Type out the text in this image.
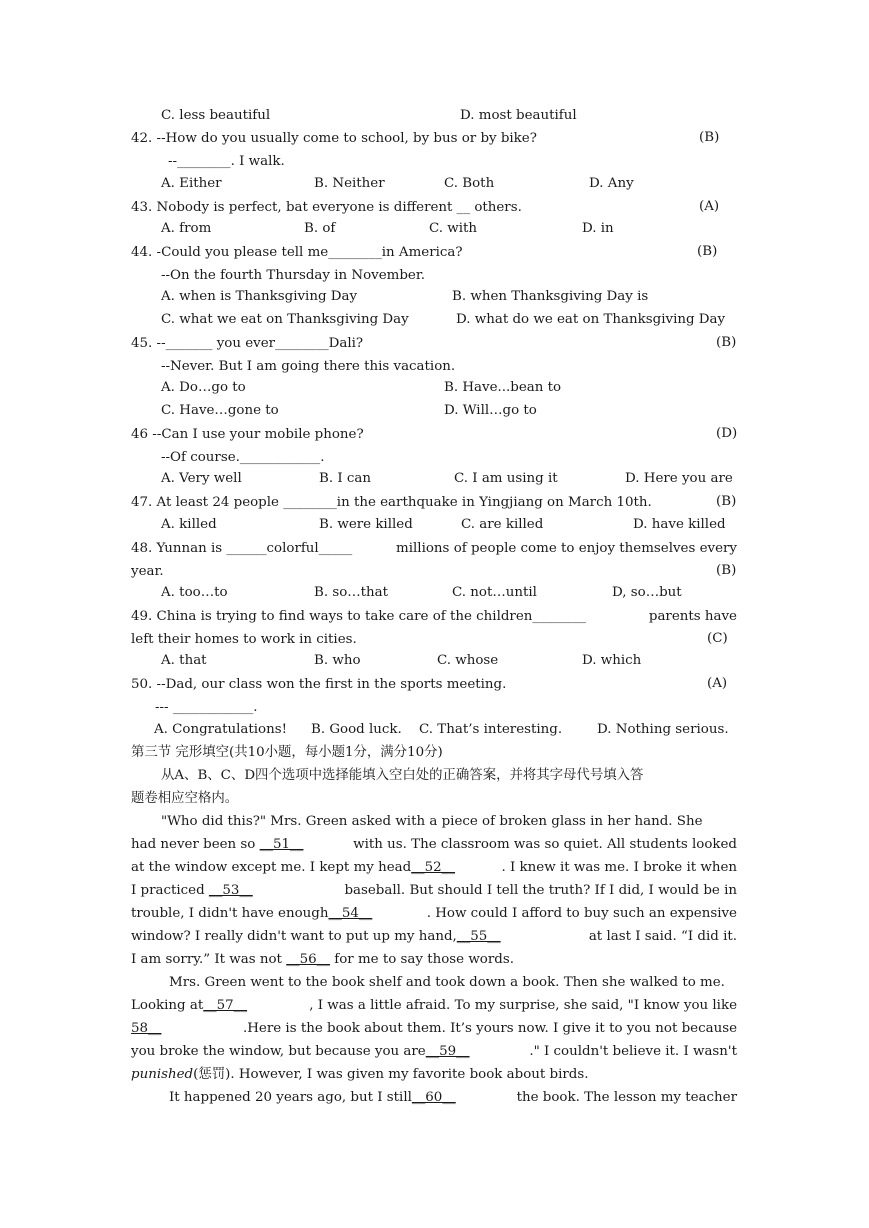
C. less beautiful	D. most beautiful
42. --How do you usually come to school, by bus or by bike?	(B)
--________. I walk.
A. Either	B. Neither	C. Both	D. Any
43. Nobody is perfect, bat everyone is different __ others.	(A)
A. from	B. of	C. with	D. in
44. -Could you please tell me________in America?	(B)
--On the fourth Thursday in November.
A. when is Thanksgiving Day	B. when Thanksgiving Day is
C. what we eat on Thanksgiving Day	D. what do we eat on Thanksgiving Day
45. --_______ you ever________Dali?	(B)
--Never. But I am going there this vacation.
A. Do…go to	B. Have...bean to
C. Have…gone to	D. Will…go to
46 --Can I use your mobile phone?	(D)
--Of course.____________.
A. Very well	B. I can	C. I am using it	D. Here you are
47. At least 24 people ________in the earthquake in Yingjiang on March 10th.	(B)
A. killed	B. were killed	C. are killed	D. have killed
48. Yunnan is ______colorful_____	millions of people come to enjoy themselves every
year.	(B)
A. too…to	B. so…that	C. not…until	D, so…but
49. China is trying to find ways to take care of the children________	parents have
left their homes to work in cities.	(C)
A. that	B. who	C. whose	D. which
50. --Dad, our class won the first in the sports meeting.	(A)
--- ____________.
A. Congratulations! B. Good luck. C. That’s interesting.	D. Nothing serious.
第三节 完形填空(共10小题，每小题1分，满分10分)
从A、B、C、D四个选项中选择能填入空白处的正确答案，并将其字母代号填入答
题卷相应空格内。
"Who did this?" Mrs. Green asked with a piece of broken glass in her hand. She
had never been so __51__	with us. The classroom was so quiet. All students looked
at the window except me. I kept my head__52__	. I knew it was me. I broke it when
I practiced __53__	baseball. But should I tell the truth? If I did, I would be in
trouble, I didn't have enough__54__	. How could I afford to buy such an expensive
window? I really didn't want to put up my hand,__55__	at last I said. “I did it.
I am sorry.” It was not __56__ for me to say those words.
Mrs. Green went to the book shelf and took down a book. Then she walked to me.
Looking at__57__	, I was a little afraid. To my surprise, she said, "I know you like
58__	.Here is the book about them. It’s yours now. I give it to you not because
you broke the window, but because you are__59__	." I couldn't believe it. I wasn't
punished(惩罚). However, I was given my favorite book about birds.
It happened 20 years ago, but I still__60__	the book. The lesson my teacher
